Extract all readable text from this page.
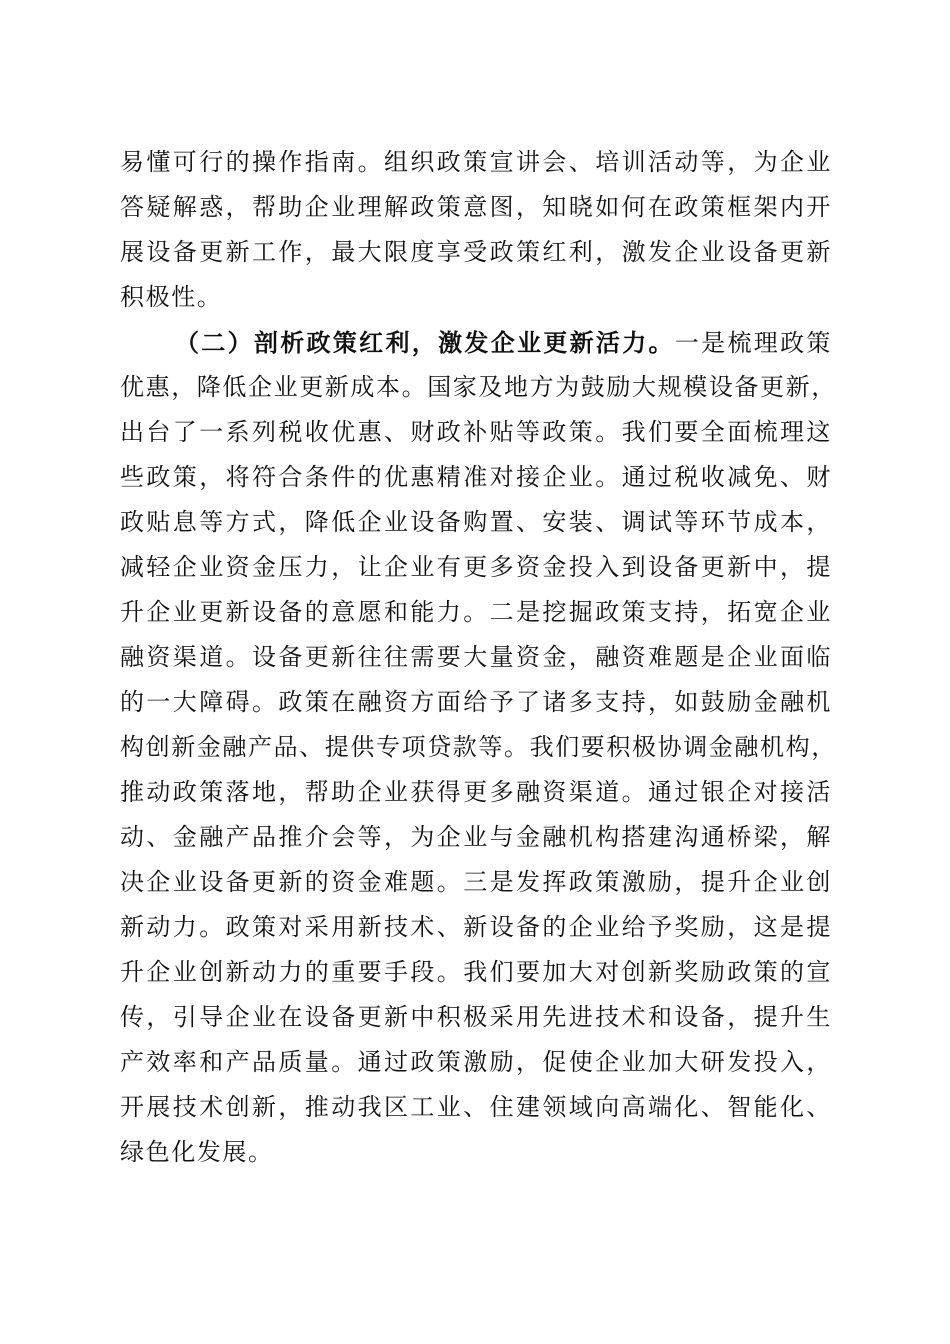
易懂可行的操作指南。组织政策宣讲会、培训活动等，为企业
答疑解惑，帮助企业理解政策意图，知晓如何在政策框架内开
展设备更新工作，最大限度享受政策红利，激发企业设备更新
积极性。
（二）剖析政策红利，激发企业更新活力。一是梳理政策
优惠，降低企业更新成本。国家及地方为鼓励大规模设备更新，
出台了一系列税收优惠、财政补贴等政策。我们要全面梳理这
些政策，将符合条件的优惠精准对接企业。通过税收减免、财
政贴息等方式，降低企业设备购置、安装、调试等环节成本，
减轻企业资金压力，让企业有更多资金投入到设备更新中，提
升企业更新设备的意愿和能力。二是挖掘政策支持，拓宽企业
融资渠道。设备更新往往需要大量资金，融资难题是企业面临
的一大障碍。政策在融资方面给予了诸多支持，如鼓励金融机
构创新金融产品、提供专项贷款等。我们要积极协调金融机构，
推动政策落地，帮助企业获得更多融资渠道。通过银企对接活
动、金融产品推介会等，为企业与金融机构搭建沟通桥梁，解
决企业设备更新的资金难题。三是发挥政策激励，提升企业创
新动力。政策对采用新技术、新设备的企业给予奖励，这是提
升企业创新动力的重要手段。我们要加大对创新奖励政策的宣
传，引导企业在设备更新中积极采用先进技术和设备，提升生
产效率和产品质量。通过政策激励，促使企业加大研发投入，
开展技术创新，推动我区工业、住建领域向高端化、智能化、
绿色化发展。
